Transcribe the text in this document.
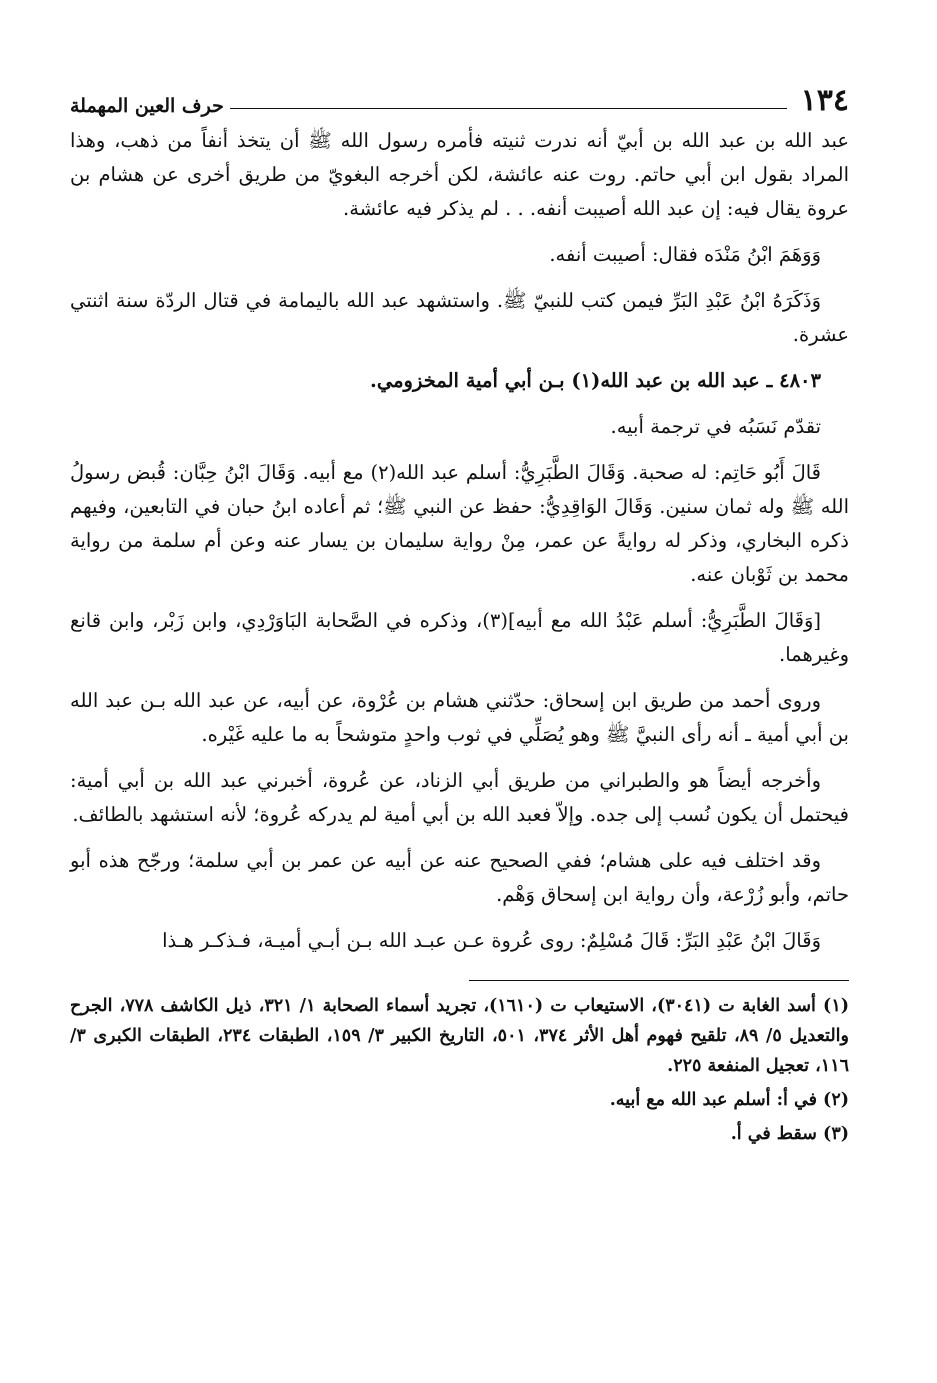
١٣٤
حرف العين المهملة

عبد الله بن عبد الله بن أبيّ أنه ندرت ثنيته فأمره رسول الله ﷺ أن يتخذ أنفاً من ذهب، وهذا المراد بقول ابن أبي حاتم. روت عنه عائشة، لكن أخرجه البغويّ من طريق أخرى عن هشام بن عروة يقال فيه: إن عبد الله أصيبت أنفه. . . لم يذكر فيه عائشة.

وَوَهَمَ ابْنُ مَنْدَه فقال: أصيبت أنفه.

وَذَكَرَهُ ابْنُ عَبْدِ البَرِّ فيمن كتب للنبيّ ﷺ. واستشهد عبد الله باليمامة في قتال الردّة سنة اثنتي عشرة.

٤٨٠٣ ـ عبد الله بن عبد الله(١) بـن أبي أمية المخزومي.

تقدّم نَسَبُه في ترجمة أبيه.

قَالَ أَبُو حَاتِم: له صحبة. وَقَالَ الطَّبَرِيُّ: أسلم عبد الله(٢) مع أبيه. وَقَالَ ابْنُ حِبَّان: قُبض رسولُ الله ﷺ وله ثمان سنين. وَقَالَ الوَاقِدِيُّ: حفظ عن النبي ﷺ؛ ثم أعاده ابنُ حبان في التابعين، وفيهم ذكره البخاري، وذكر له روايةً عن عمر، مِنْ رواية سليمان بن يسار عنه وعن أم سلمة من رواية محمد بن ثَوْبان عنه.

[وَقَالَ الطَّبَرِيُّ: أسلم عَبْدُ الله مع أبيه](٣)، وذكره في الصَّحابة البَاوَرْدِي، وابن زَبْر، وابن قانع وغيرهما.

وروى أحمد من طريق ابن إسحاق: حدّثني هشام بن عُرْوة، عن أبيه، عن عبد الله بـن عبد الله بن أبي أمية ـ أنه رأى النبيَّ ﷺ وهو يُصَلِّي في ثوب واحدٍ متوشحاً به ما عليه غَيْره.

وأخرجه أيضاً هو والطبراني من طريق أبي الزناد، عن عُروة، أخبرني عبد الله بن أبي أمية: فيحتمل أن يكون نُسب إلى جده. وإلاّ فعبد الله بن أبي أمية لم يدركه عُروة؛ لأنه استشهد بالطائف.

وقد اختلف فيه على هشام؛ ففي الصحيح عنه عن أبيه عن عمر بن أبي سلمة؛ ورجّح هذه أبو حاتم، وأبو زُرْعة، وأن رواية ابن إسحاق وَهْم.

وَقَالَ ابْنُ عَبْدِ البَرِّ: قَالَ مُسْلِمٌ: روى عُروة عـن عبـد الله بـن أبـي أميـة، فـذكـر هـذا

(١) أسد الغابة ت (٣٠٤١)، الاستيعاب ت (١٦١٠)، تجريد أسماء الصحابة ١/ ٣٢١، ذيل الكاشف ٧٧٨، الجرح والتعديل ٥/ ٨٩، تلقيح فهوم أهل الأثر ٣٧٤، ٥٠١، التاريخ الكبير ٣/ ١٥٩، الطبقات ٢٣٤، الطبقات الكبرى ٣/ ١١٦، تعجيل المنفعة ٢٢٥.

(٢) في أ: أسلم عبد الله مع أبيه.

(٣) سقط في أ.
